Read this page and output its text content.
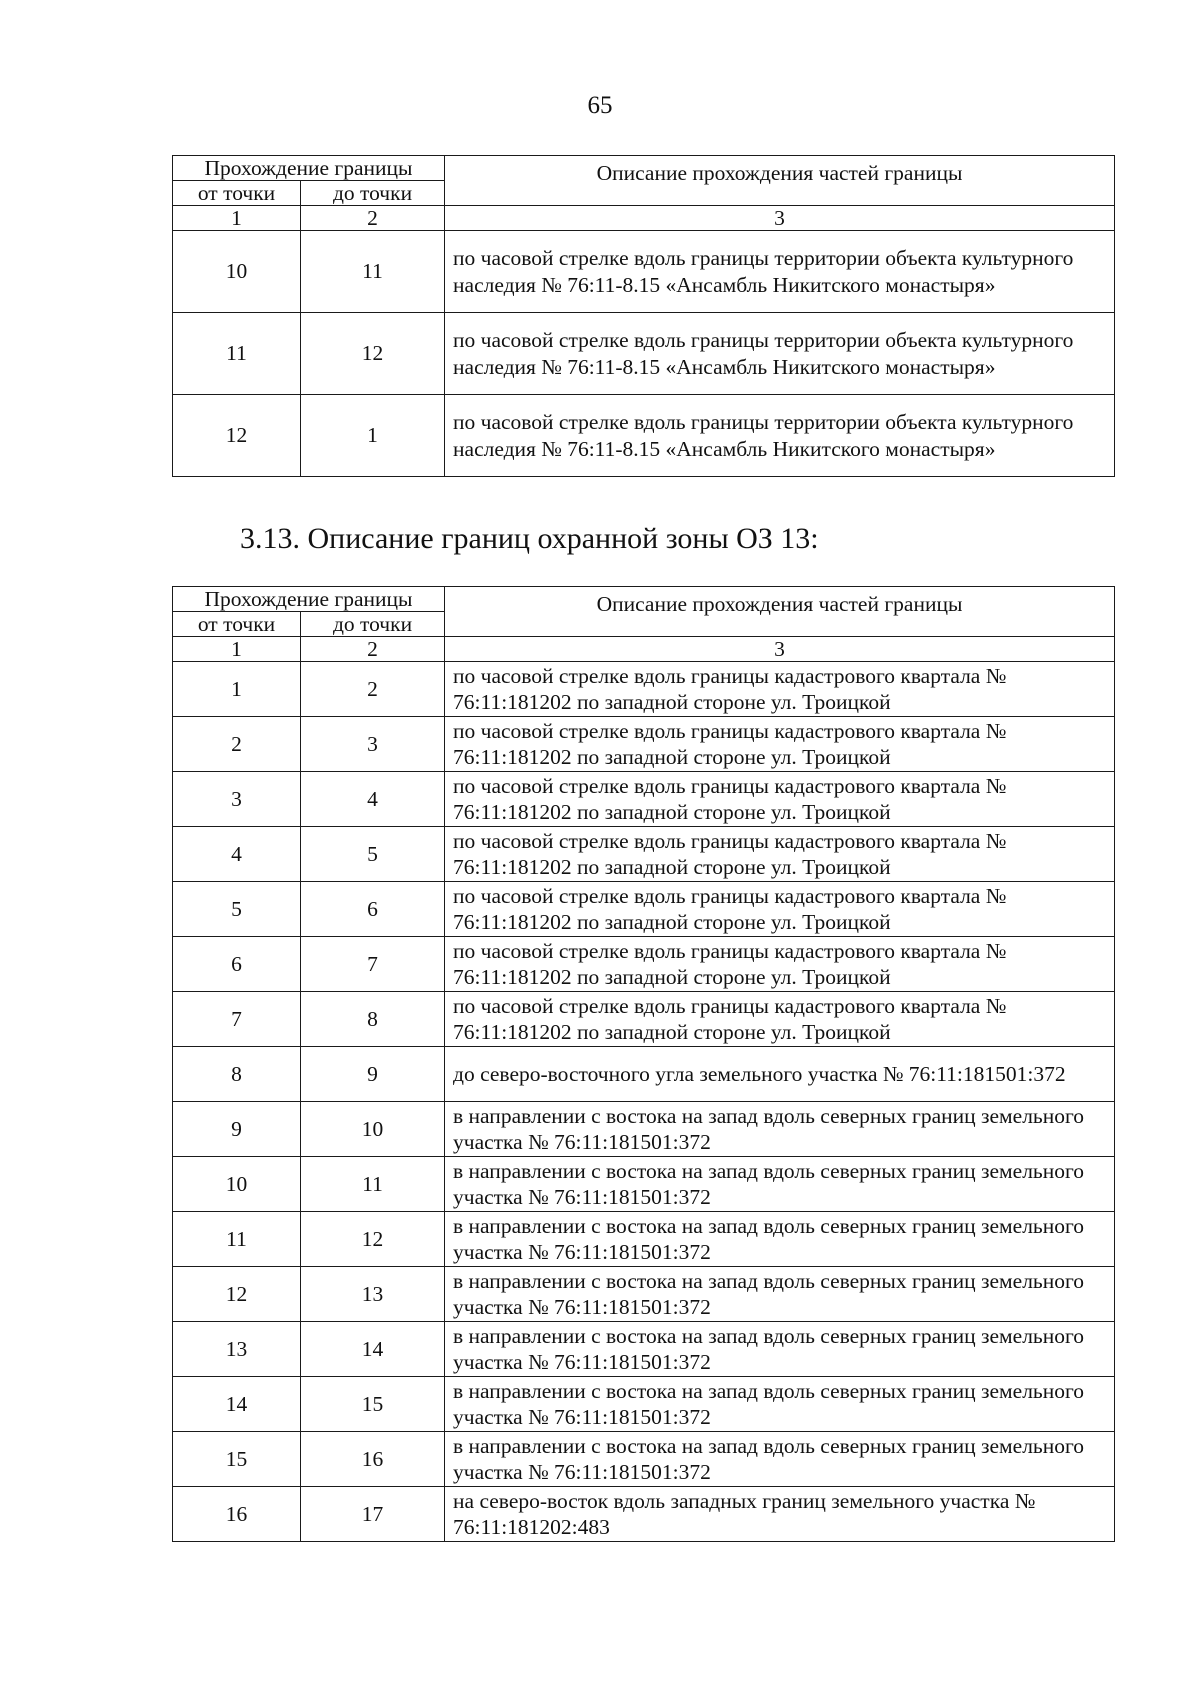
65
Прохождение границы		Описание прохождения частей границы
от точки	до точки	
1	2	3
10	11	по часовой стрелке вдоль границы территории объекта культурного наследия № 76:11-8.15 «Ансамбль Никитского монастыря»
11	12	по часовой стрелке вдоль границы территории объекта культурного наследия № 76:11-8.15 «Ансамбль Никитского монастыря»
12	1	по часовой стрелке вдоль границы территории объекта культурного наследия № 76:11-8.15 «Ансамбль Никитского монастыря»
3.13. Описание границ охранной зоны ОЗ 13:
Прохождение границы		Описание прохождения частей границы
от точки	до точки	
1	2	3
1	2	по часовой стрелке вдоль границы кадастрового квартала № 76:11:181202 по западной стороне ул. Троицкой
2	3	по часовой стрелке вдоль границы кадастрового квартала № 76:11:181202 по западной стороне ул. Троицкой
3	4	по часовой стрелке вдоль границы кадастрового квартала № 76:11:181202 по западной стороне ул. Троицкой
4	5	по часовой стрелке вдоль границы кадастрового квартала № 76:11:181202 по западной стороне ул. Троицкой
5	6	по часовой стрелке вдоль границы кадастрового квартала № 76:11:181202 по западной стороне ул. Троицкой
6	7	по часовой стрелке вдоль границы кадастрового квартала № 76:11:181202 по западной стороне ул. Троицкой
7	8	по часовой стрелке вдоль границы кадастрового квартала № 76:11:181202 по западной стороне ул. Троицкой
8	9	до северо-восточного угла земельного участка № 76:11:181501:372
9	10	в направлении с востока на запад вдоль северных границ земельного участка № 76:11:181501:372
10	11	в направлении с востока на запад вдоль северных границ земельного участка № 76:11:181501:372
11	12	в направлении с востока на запад вдоль северных границ земельного участка № 76:11:181501:372
12	13	в направлении с востока на запад вдоль северных границ земельного участка № 76:11:181501:372
13	14	в направлении с востока на запад вдоль северных границ земельного участка № 76:11:181501:372
14	15	в направлении с востока на запад вдоль северных границ земельного участка № 76:11:181501:372
15	16	в направлении с востока на запад вдоль северных границ земельного участка № 76:11:181501:372
16	17	на северо-восток вдоль западных границ земельного участка № 76:11:181202:483
